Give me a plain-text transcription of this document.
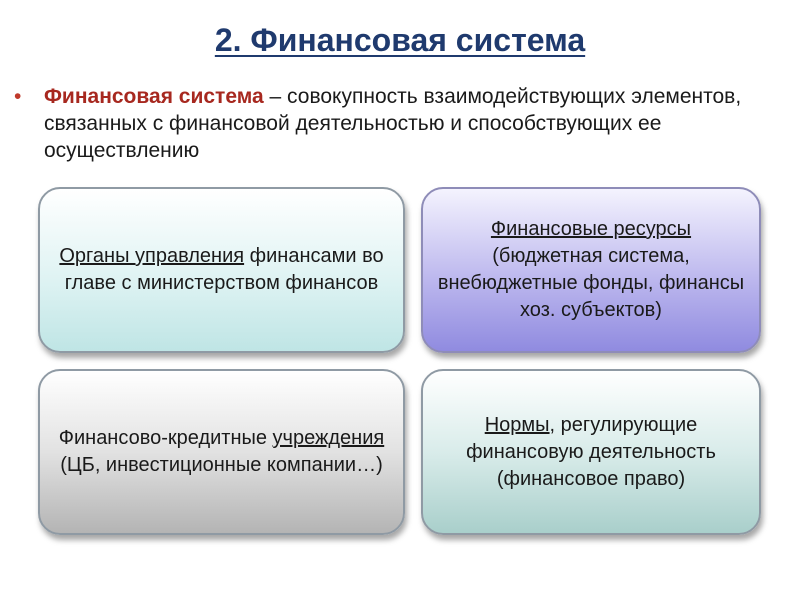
2. Финансовая система
• Финансовая система – совокупность взаимодействующих элементов, связанных с финансовой деятельностью и способствующих ее осуществлению
Органы управления финансами во главе с министерством финансов
Финансовые ресурсы (бюджетная система, внебюджетные фонды, финансы хоз. субъектов)
Финансово-кредитные учреждения (ЦБ, инвестиционные компании…)
Нормы, регулирующие финансовую деятельность (финансовое право)
